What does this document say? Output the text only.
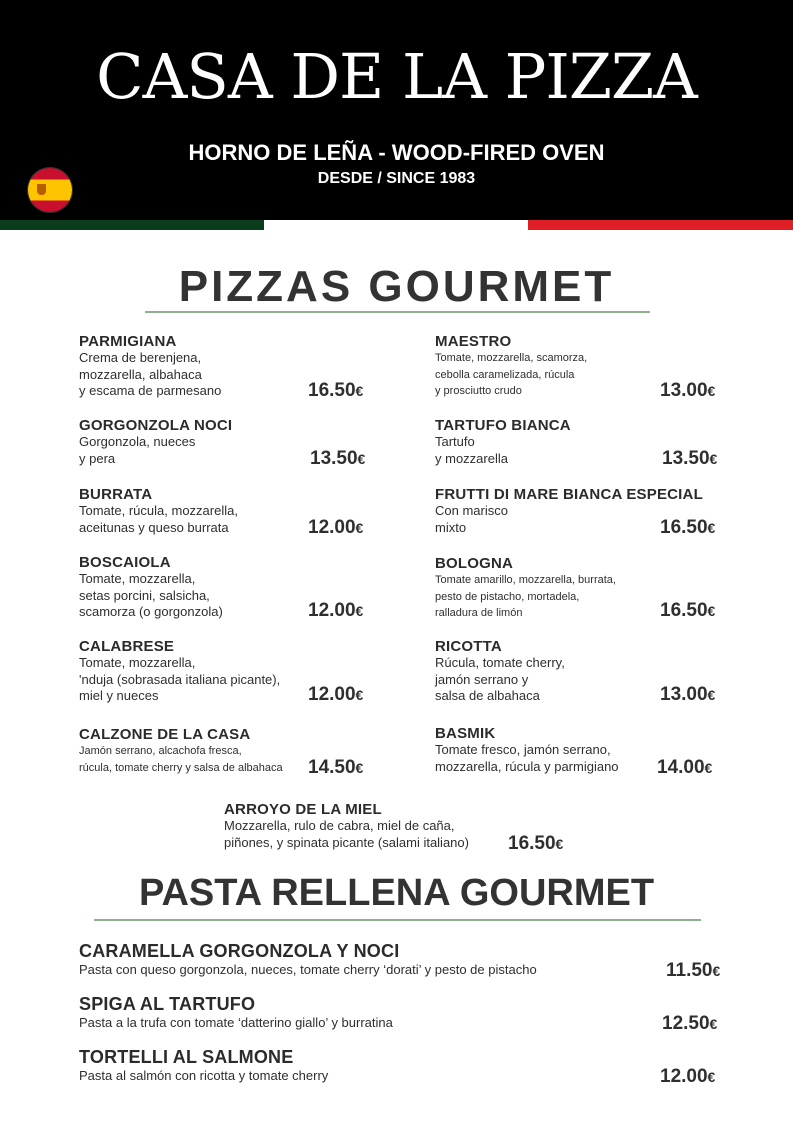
CASA DE LA PIZZA
HORNO DE LEÑA - WOOD-FIRED OVEN
DESDE / SINCE 1983
PIZZAS GOURMET
PASTA RELLENA GOURMET
PARMIGIANA
Crema de berenjena,
mozzarella, albahaca
y escama de parmesano	16.50€
MAESTRO
Tomate, mozzarella, scamorza,
cebolla caramelizada, rúcula
y prosciutto crudo	13.00€
GORGONZOLA NOCI
Gorgonzola, nueces
y pera	13.50€
TARTUFO BIANCA
Tartufo
y mozzarella	13.50€
BURRATA
Tomate, rúcula, mozzarella,
aceitunas y queso burrata	12.00€
FRUTTI DI MARE BIANCA ESPECIAL
Con marisco
mixto	16.50€
BOSCAIOLA
Tomate, mozzarella,
setas porcini, salsicha,
scamorza (o gorgonzola)	12.00€
BOLOGNA
Tomate amarillo, mozzarella, burrata,
pesto de pistacho, mortadela,
ralladura de limón	16.50€
CALABRESE
Tomate, mozzarella,
'nduja (sobrasada italiana picante),
miel y nueces	12.00€
RICOTTA
Rúcula, tomate cherry,
jamón serrano y
salsa de albahaca	13.00€
CALZONE DE LA CASA
Jamón serrano, alcachofa fresca,
rúcula, tomate cherry y salsa de albahaca 14.50€
BASMIK
Tomate fresco, jamón serrano,
mozzarella, rúcula y parmigiano 14.00€
ARROYO DE LA MIEL
Mozzarella, rulo de cabra, miel de caña,
piñones, y spinata picante (salami italiano) 16.50€
CARAMELLA GORGONZOLA Y NOCI
Pasta con queso gorgonzola, nueces, tomate cherry ‘dorati’ y pesto de pistacho	11.50€
SPIGA AL TARTUFO
Pasta a la trufa con tomate ‘datterino giallo’ y burratina	12.50€
TORTELLI AL SALMONE
Pasta al salmón con ricotta y tomate cherry	12.00€
